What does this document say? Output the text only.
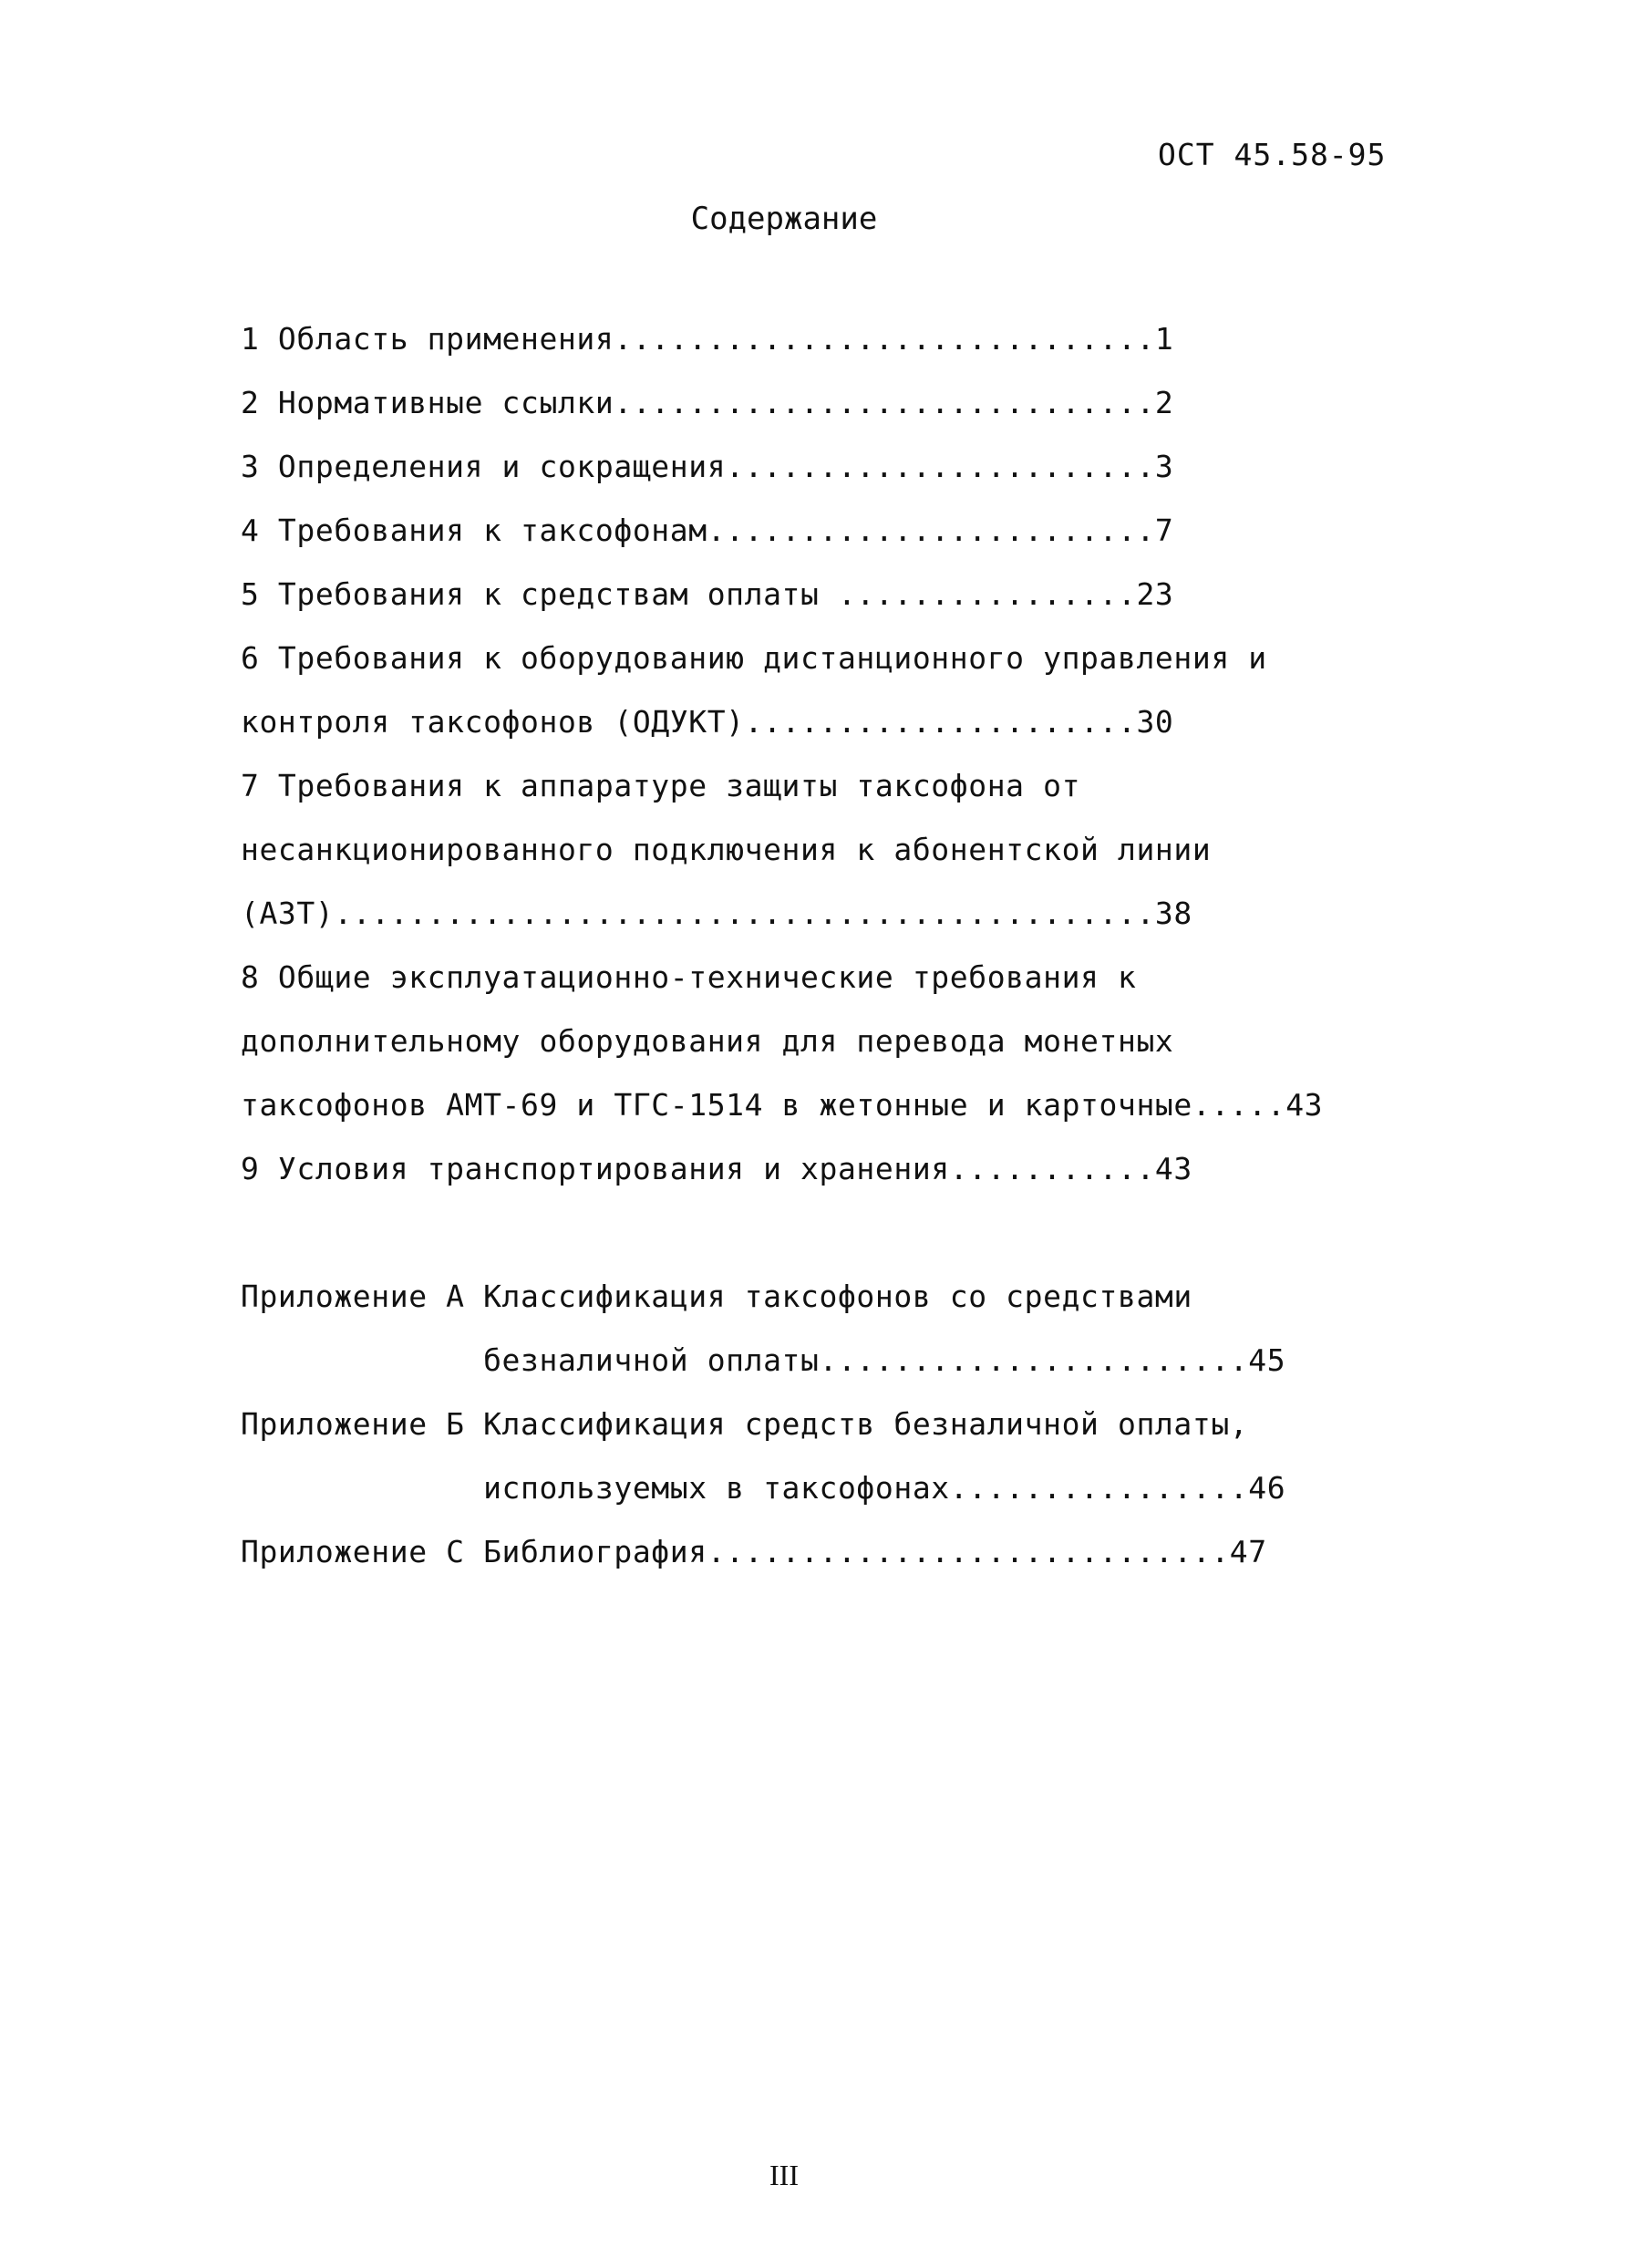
ОСТ 45.58-95
Содержание
1 Область применения.............................1
2 Нормативные ссылки.............................2
3 Определения и сокращения.......................3
4 Требования к таксофонам........................7
5 Требования к средствам оплаты ................23
6 Требования к оборудованию дистанционного управления и
контроля таксофонов (ОДУКТ).....................30
7 Требования к аппаратуре защиты таксофона от
несанкционированного подключения к абонентской линии
(АЗТ)............................................38
8 Общие эксплуатационно-технические требования к
дополнительному оборудования для перевода монетных
таксофонов АМТ-69 и ТГС-1514 в жетонные и карточные.....43
9 Условия транспортирования и хранения...........43
Приложение А Классификация таксофонов со средствами
безналичной оплаты.......................45
Приложение Б Классификация средств безналичной оплаты,
используемых в таксофонах................46
Приложение С Библиография............................47
III
